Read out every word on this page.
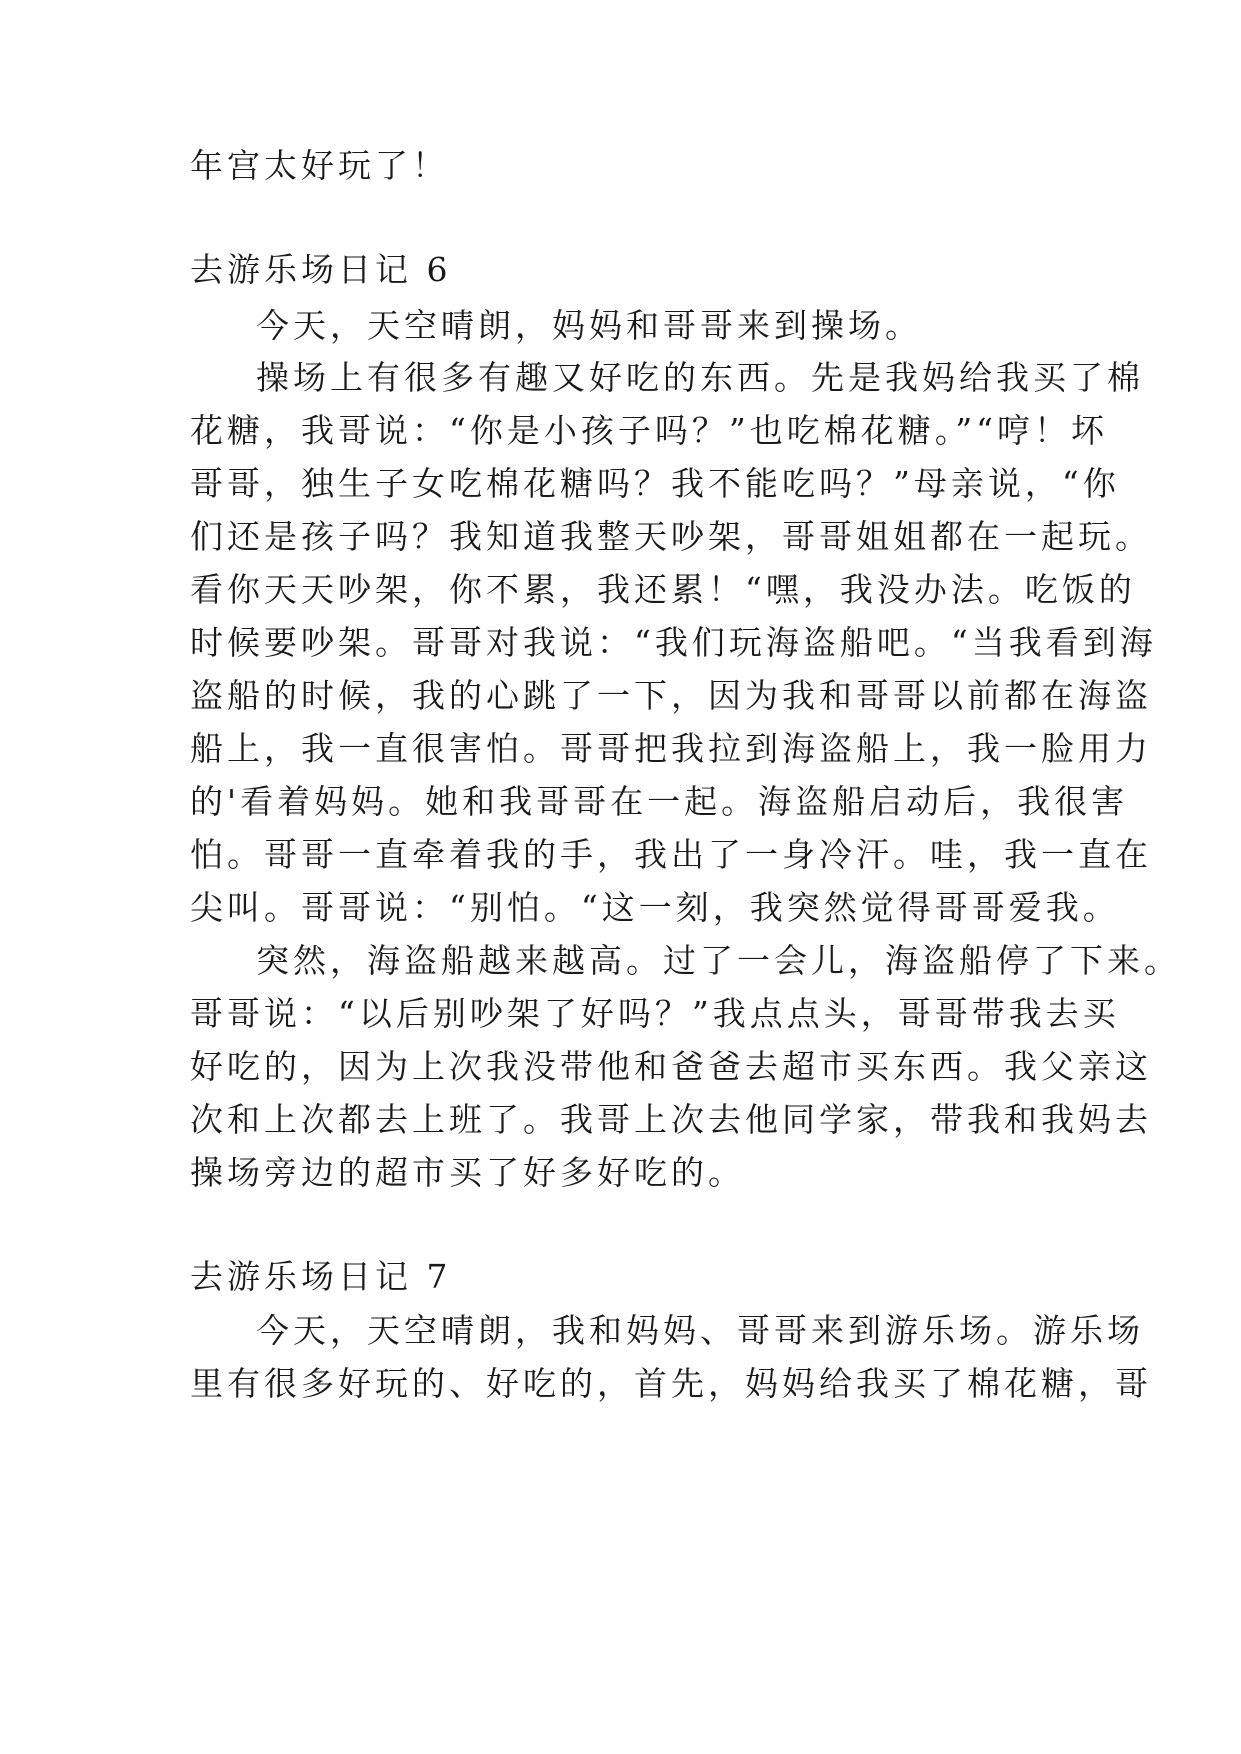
年宫太好玩了！
去游乐场日记 6
今天，天空晴朗，妈妈和哥哥来到操场。
操场上有很多有趣又好吃的东西。先是我妈给我买了棉
花糖，我哥说：“你是小孩子吗？”也吃棉花糖。”“哼！坏
哥哥，独生子女吃棉花糖吗？我不能吃吗？”母亲说，“你
们还是孩子吗？我知道我整天吵架，哥哥姐姐都在一起玩。
看你天天吵架，你不累，我还累！“嘿，我没办法。吃饭的
时候要吵架。哥哥对我说：“我们玩海盗船吧。“当我看到海
盗船的时候，我的心跳了一下，因为我和哥哥以前都在海盗
船上，我一直很害怕。哥哥把我拉到海盗船上，我一脸用力
的'看着妈妈。她和我哥哥在一起。海盗船启动后，我很害
怕。哥哥一直牵着我的手，我出了一身冷汗。哇，我一直在
尖叫。哥哥说：“别怕。“这一刻，我突然觉得哥哥爱我。
突然，海盗船越来越高。过了一会儿，海盗船停了下来。
哥哥说：“以后别吵架了好吗？”我点点头，哥哥带我去买
好吃的，因为上次我没带他和爸爸去超市买东西。我父亲这
次和上次都去上班了。我哥上次去他同学家，带我和我妈去
操场旁边的超市买了好多好吃的。
去游乐场日记 7
今天，天空晴朗，我和妈妈、哥哥来到游乐场。游乐场
里有很多好玩的、好吃的，首先，妈妈给我买了棉花糖，哥
